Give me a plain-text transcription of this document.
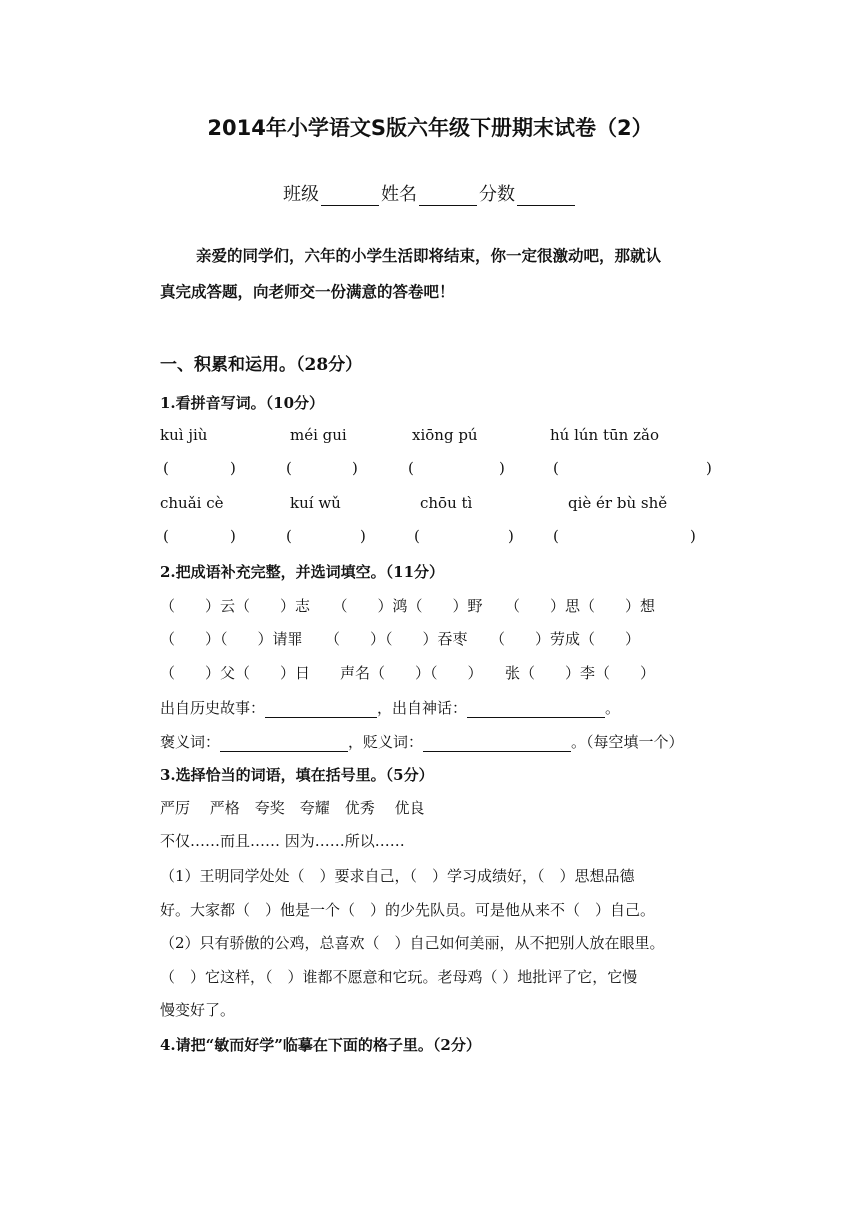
2014年小学语文S版六年级下册期末试卷（2）
班级	姓名	分数
亲爱的同学们，六年的小学生活即将结束，你一定很激动吧，那就认
真完成答题，向老师交一份满意的答卷吧！
一、积累和运用。（28分）
1.看拼音写词。（10分）
kuì jiù	méi gui	xiōng pú	hú lún tūn zǎo
(	)	(	)	(	)	(	)
chuǎi cè	kuí wǔ	chōu tì	qiè ér bù shě
(	)	(	)	(	)	(	)
2.把成语补充完整，并选词填空。（11分）
（　　）云（　　）志　　（　　）鸿（　　）野　　（　　）思（　　）想
（　　）（　　）请罪　　（　　）（　　）吞枣　　（　　）劳成（　　）
（　　）父（　　）日　　声名（　　）（　　）　　张（　　）李（　　）
出自历史故事：	，出自神话：	。
褒义词：	，贬义词：	。（每空填一个）
3.选择恰当的词语，填在括号里。（5分）
严厉　 严格　夸奖　夸耀　优秀　 优良
不仅……而且…… 因为……所以……
（1）王明同学处处（　）要求自己，（　）学习成绩好，（　）思想品德
好。大家都（　）他是一个（　）的少先队员。可是他从来不（　）自己。
（2）只有骄傲的公鸡，总喜欢（　）自己如何美丽，从不把别人放在眼里。
（　）它这样，（　）谁都不愿意和它玩。老母鸡（ ）地批评了它，它慢
慢变好了。
4.请把“敏而好学”临摹在下面的格子里。（2分）
